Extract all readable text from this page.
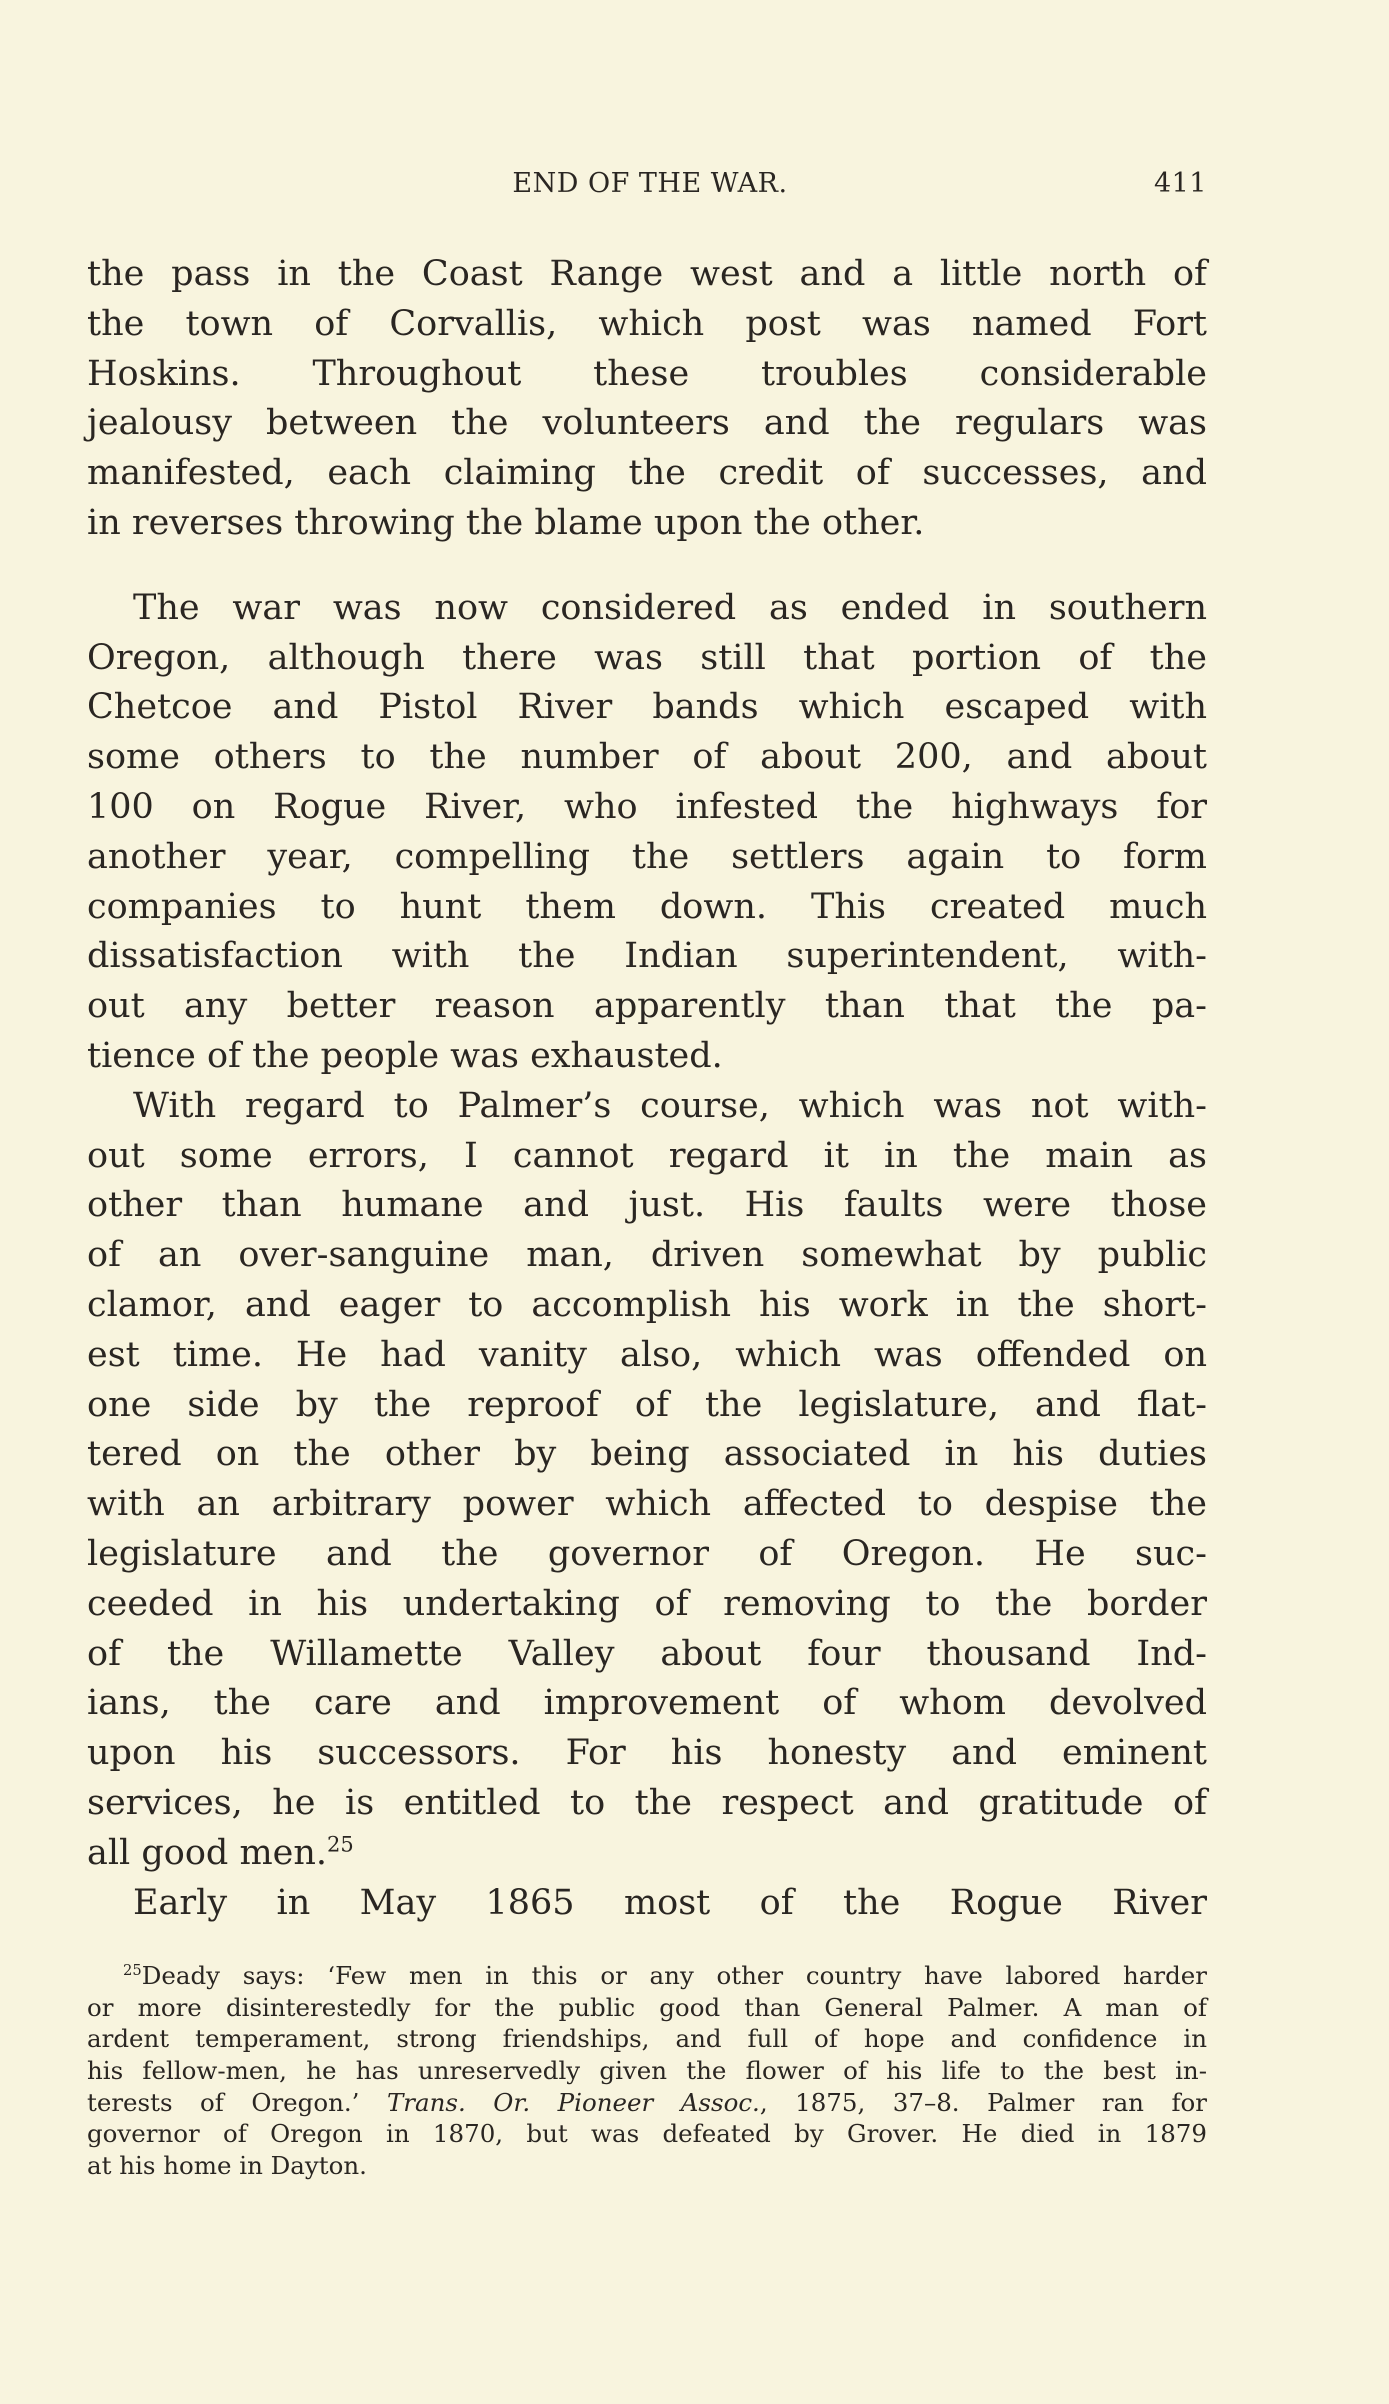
END OF THE WAR.	411
the pass in the Coast Range west and a little north of
the town of Corvallis, which post was named Fort
Hoskins. Throughout these troubles considerable
jealousy between the volunteers and the regulars was
manifested, each claiming the credit of successes, and
in reverses throwing the blame upon the other.
The war was now considered as ended in southern
Oregon, although there was still that portion of the
Chetcoe and Pistol River bands which escaped with
some others to the number of about 200, and about
100 on Rogue River, who infested the highways for
another year, compelling the settlers again to form
companies to hunt them down. This created much
dissatisfaction with the Indian superintendent, with-
out any better reason apparently than that the pa-
tience of the people was exhausted.
With regard to Palmer’s course, which was not with-
out some errors, I cannot regard it in the main as
other than humane and just. His faults were those
of an over-sanguine man, driven somewhat by public
clamor, and eager to accomplish his work in the short-
est time. He had vanity also, which was offended on
one side by the reproof of the legislature, and flat-
tered on the other by being associated in his duties
with an arbitrary power which affected to despise the
legislature and the governor of Oregon. He suc-
ceeded in his undertaking of removing to the border
of the Willamette Valley about four thousand Ind-
ians, the care and improvement of whom devolved
upon his successors. For his honesty and eminent
services, he is entitled to the respect and gratitude of
all good men.$^{25}$
Early in May 1865 most of the Rogue River
$^{25}$Deady says: ‘Few men in this or any other country have labored harder
or more disinterestedly for the public good than General Palmer. A man of
ardent temperament, strong friendships, and full of hope and confidence in
his fellow-men, he has unreservedly given the flower of his life to the best in-
terests of Oregon.’ Trans. Or. Pioneer Assoc., 1875, 37–8. Palmer ran for
governor of Oregon in 1870, but was defeated by Grover. He died in 1879
at his home in Dayton.
